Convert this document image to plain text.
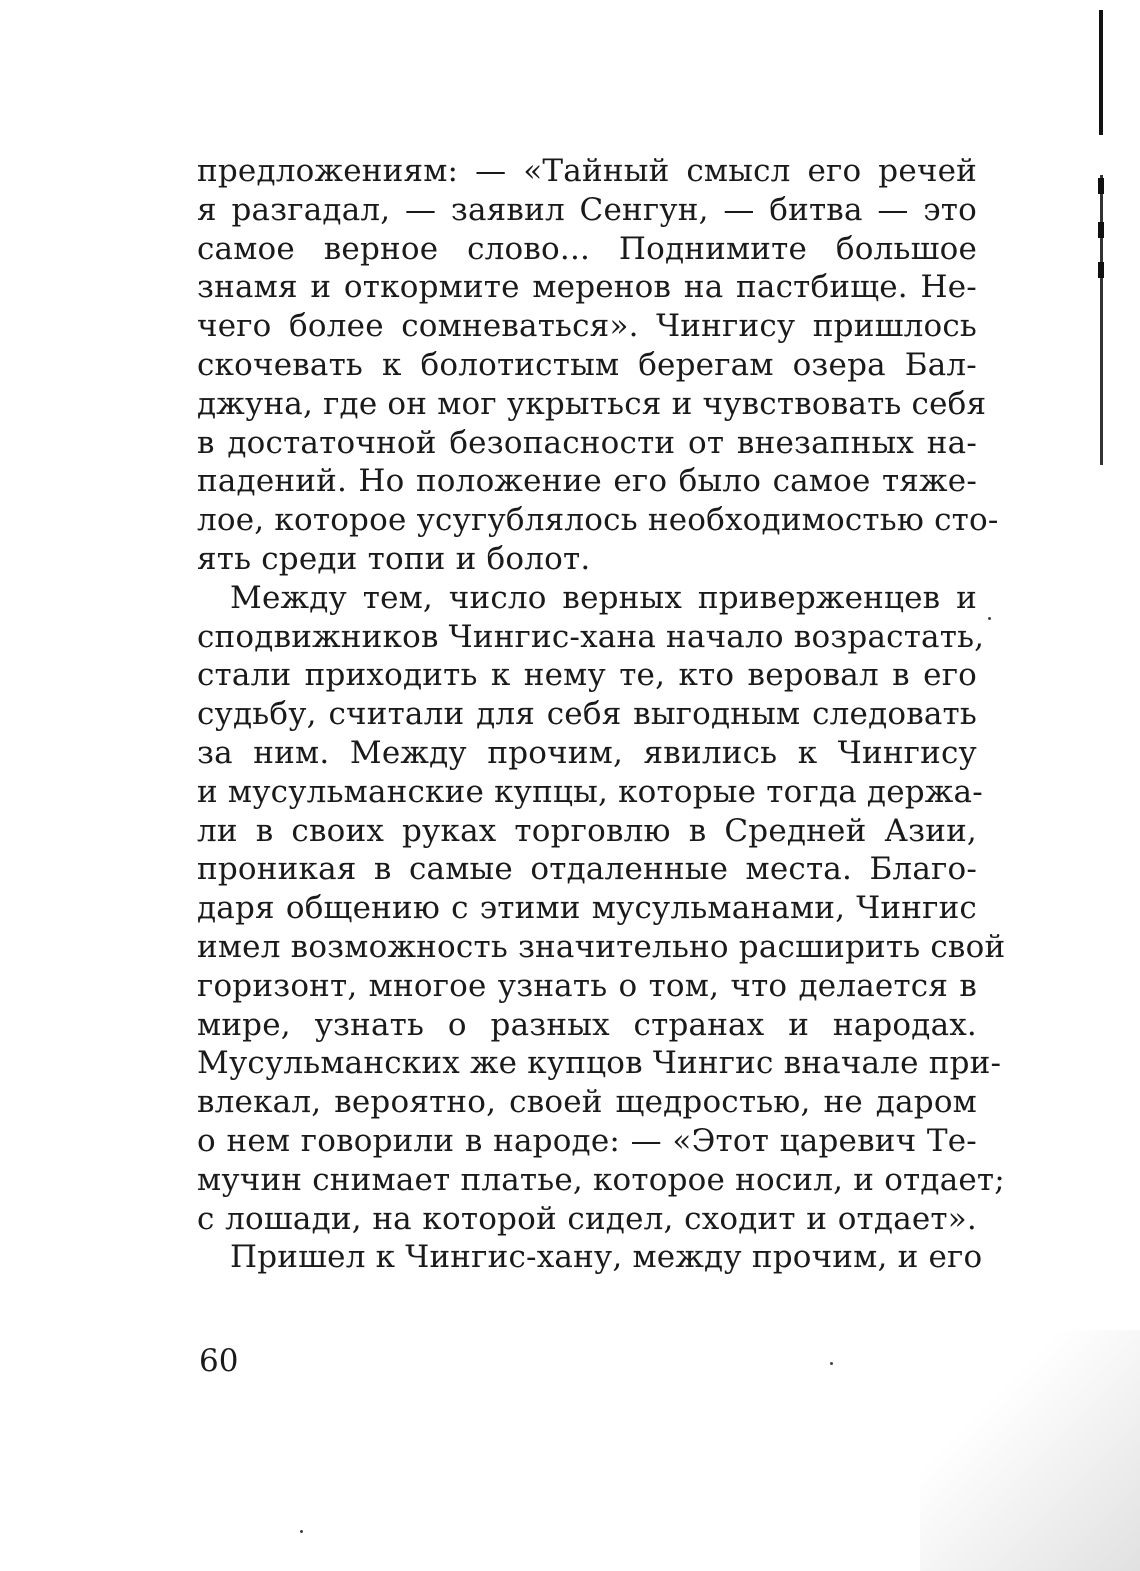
предложениям: — «Тайный смысл его речей
я разгадал, — заявил Сенгун, — битва — это
самое верное слово... Поднимите большое
знамя и откормите меренов на пастбище. Не-
чего более сомневаться». Чингису пришлось
скочевать к болотистым берегам озера Бал-
джуна, где он мог укрыться и чувствовать себя
в достаточной безопасности от внезапных на-
падений. Но положение его было самое тяже-
лое, которое усугублялось необходимостью сто-
ять среди топи и болот.
Между тем, число верных приверженцев и
сподвижников Чингис-хана начало возрастать,
стали приходить к нему те, кто веровал в его
судьбу, считали для себя выгодным следовать
за ним. Между прочим, явились к Чингису
и мусульманские купцы, которые тогда держа-
ли в своих руках торговлю в Средней Азии,
проникая в самые отдаленные места. Благо-
даря общению с этими мусульманами, Чингис
имел возможность значительно расширить свой
горизонт, многое узнать о том, что делается в
мире, узнать о разных странах и народах.
Мусульманских же купцов Чингис вначале при-
влекал, вероятно, своей щедростью, не даром
о нем говорили в народе: — «Этот царевич Те-
мучин снимает платье, которое носил, и отдает;
с лошади, на которой сидел, сходит и отдает».
Пришел к Чингис-хану, между прочим, и его
60
